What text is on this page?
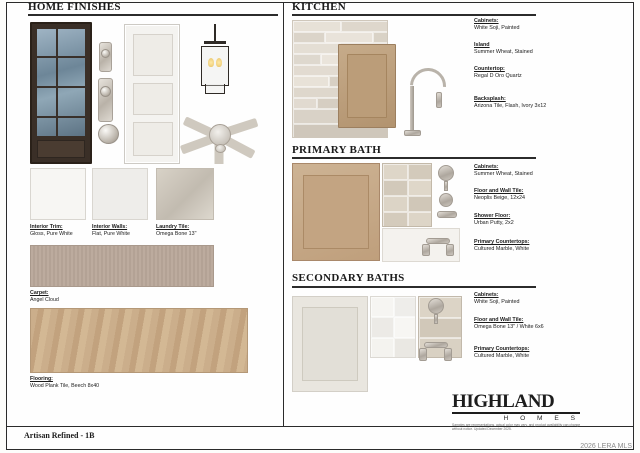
HOME FINISHES
Interior Trim:
Gloss, Pure White
Interior Walls:
Flat, Pure White
Laundry Tile:
Omega Bone 13"
Carpet:
Angel Cloud
Flooring:
Wood Plank Tile, Beech 8x40
KITCHEN
Cabinets:
White Soji, Painted
Island
Summer Wheat, Stained
Countertop:
Regal D Oro Quartz
Backsplash:
Arizona Tile, Flash, Ivory 3x12
PRIMARY BATH
Cabinets:
Summer Wheat, Stained
Floor and Wall Tile:
Neoplis Beige, 12x24
Shower Floor:
Urban Putty, 2x2
Primary Countertops:
Cultured Marble, White
SECONDARY BATHS
Cabinets:
White Soji, Painted
Floor and Wall Tile:
Omega Bone 13" / White 6x6
Primary Countertops:
Cultured Marble, White
HIGHLAND
H O M E S
Samples are representations, actual color may vary, and product availability can change without notice. Updated December 2025.
Artisan Refined - 1B
2026 LERA MLS
